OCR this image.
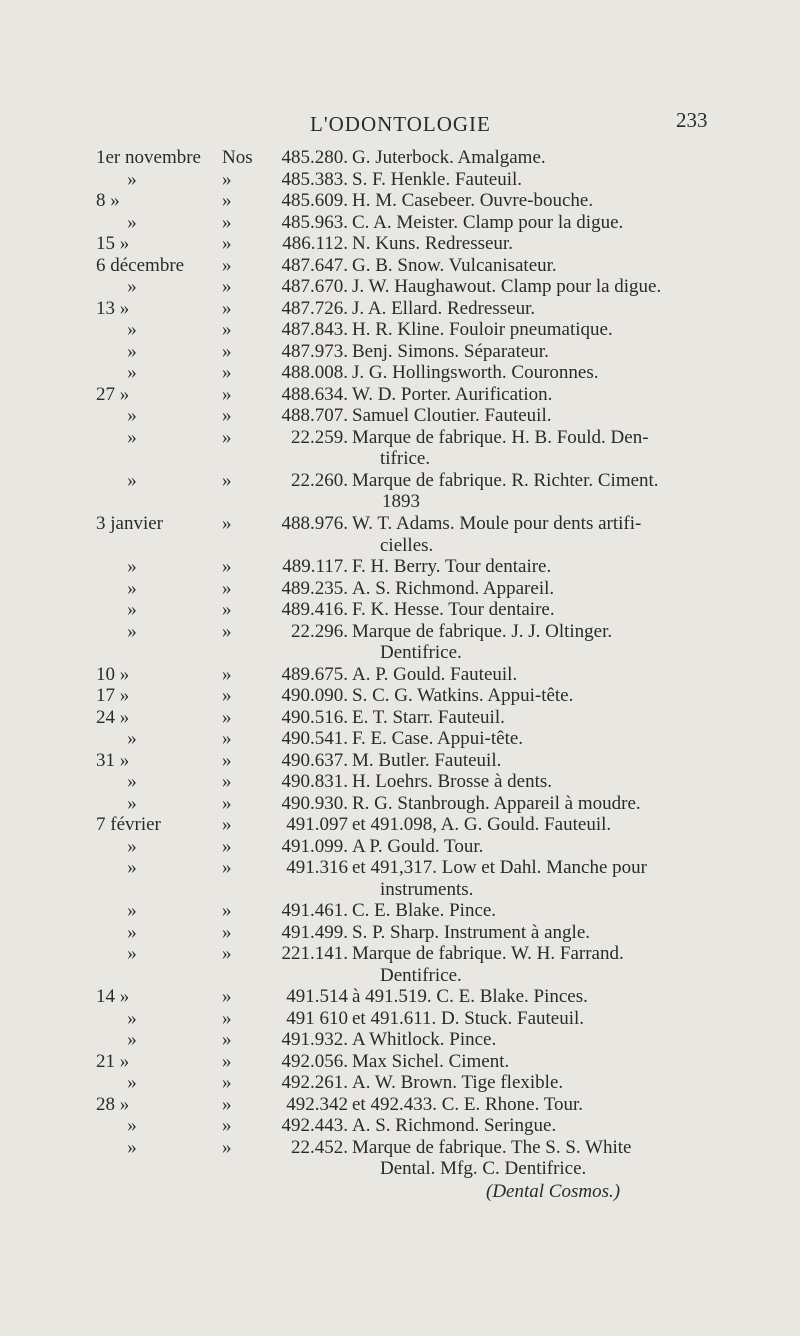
L'ODONTOLOGIE	233
1er novembre	Nos	485.280. G. Juterbock. Amalgame.
»	»	485.383. S. F. Henkle. Fauteuil.
8 »	»	485.609. H. M. Casebeer. Ouvre-bouche.
»	»	485.963. C. A. Meister. Clamp pour la digue.
15 »	»	486.112. N. Kuns. Redresseur.
6 décembre	»	487.647. G. B. Snow. Vulcanisateur.
»	»	487.670. J. W. Haughawout. Clamp pour la digue.
13 »	»	487.726. J. A. Ellard. Redresseur.
»	»	487.843. H. R. Kline. Fouloir pneumatique.
»	»	487.973. Benj. Simons. Séparateur.
»	»	488.008. J. G. Hollingsworth. Couronnes.
27 »	»	488.634. W. D. Porter. Aurification.
»	»	488.707. Samuel Cloutier. Fauteuil.
»	»	22.259. Marque de fabrique. H. B. Fould. Den-
tifrice.
»	»	22.260. Marque de fabrique. R. Richter. Ciment.
1893
3 janvier	»	488.976. W. T. Adams. Moule pour dents artifi-
cielles.
»	»	489.117. F. H. Berry. Tour dentaire.
»	»	489.235. A. S. Richmond. Appareil.
»	»	489.416. F. K. Hesse. Tour dentaire.
»	»	22.296. Marque de fabrique. J. J. Oltinger.
Dentifrice.
10 »	»	489.675. A. P. Gould. Fauteuil.
17 »	»	490.090. S. C. G. Watkins. Appui-tête.
24 »	»	490.516. E. T. Starr. Fauteuil.
»	»	490.541. F. E. Case. Appui-tête.
31 »	»	490.637. M. Butler. Fauteuil.
»	»	490.831. H. Loehrs. Brosse à dents.
»	»	490.930. R. G. Stanbrough. Appareil à moudre.
7 février	»	491.097 et 491.098, A. G. Gould. Fauteuil.
»	»	491.099. A P. Gould. Tour.
»	»	491.316 et 491,317. Low et Dahl. Manche pour
instruments.
»	»	491.461. C. E. Blake. Pince.
»	»	491.499. S. P. Sharp. Instrument à angle.
»	»	221.141. Marque de fabrique. W. H. Farrand.
Dentifrice.
14 »	»	491.514 à 491.519. C. E. Blake. Pinces.
»	»	491 610 et 491.611. D. Stuck. Fauteuil.
»	»	491.932. A Whitlock. Pince.
21 »	»	492.056. Max Sichel. Ciment.
»	»	492.261. A. W. Brown. Tige flexible.
28 »	»	492.342 et 492.433. C. E. Rhone. Tour.
»	»	492.443. A. S. Richmond. Seringue.
»	»	22.452. Marque de fabrique. The S. S. White
Dental. Mfg. C. Dentifrice.
(Dental Cosmos.)
